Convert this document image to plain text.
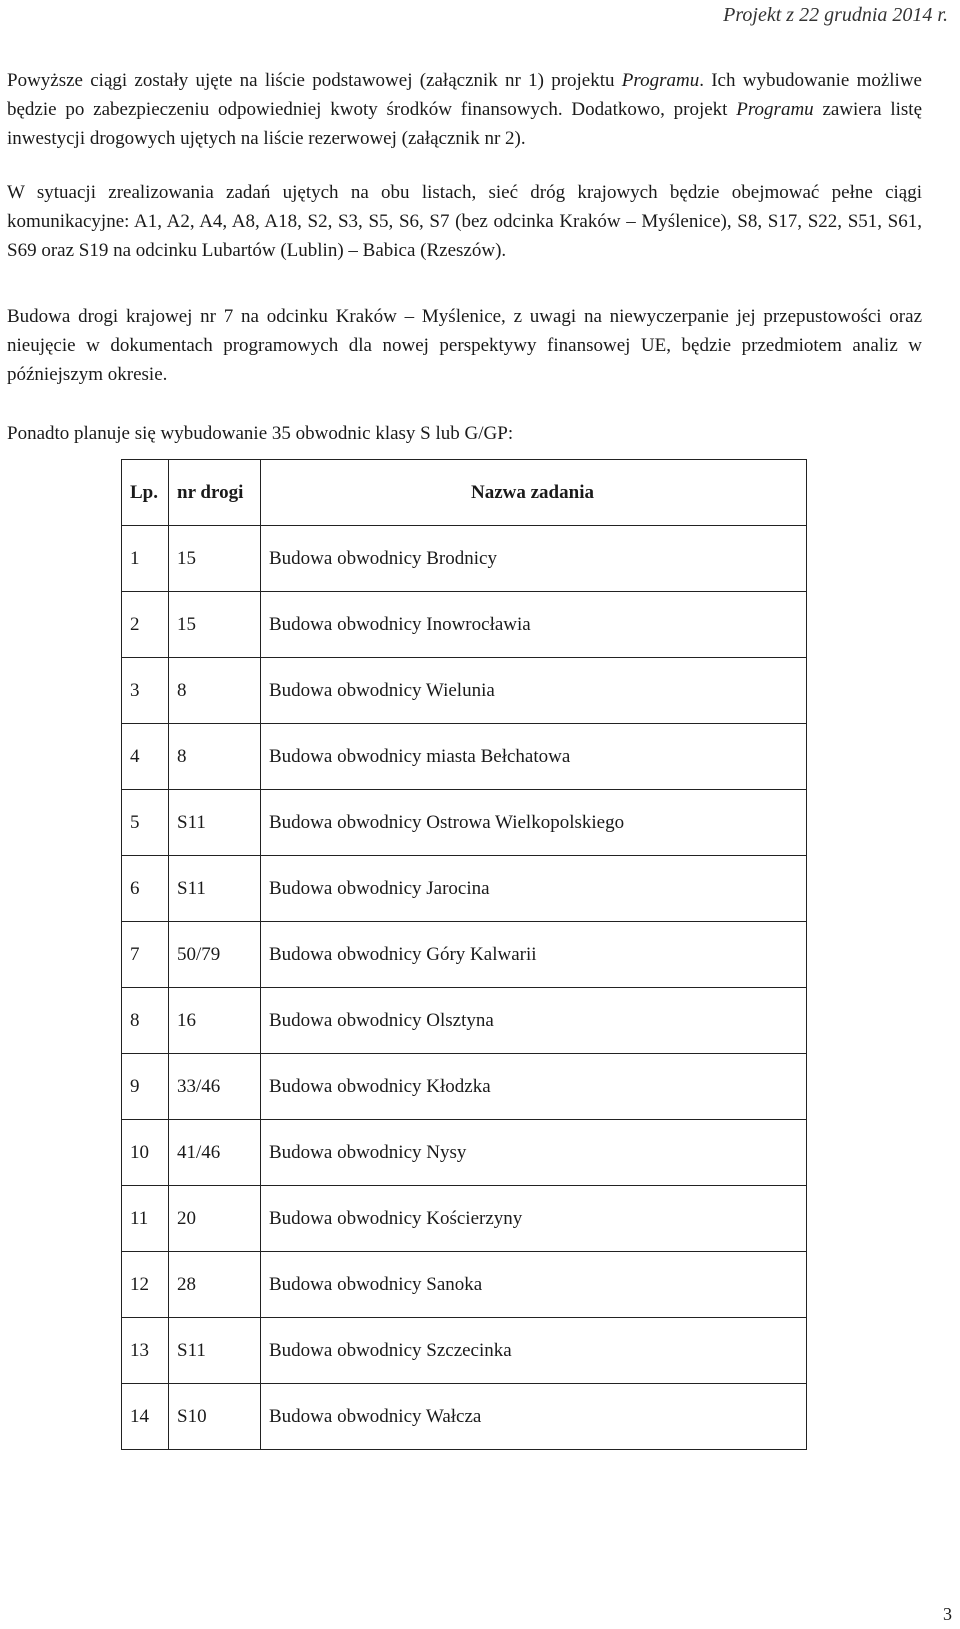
Projekt z 22 grudnia 2014 r.

Powyższe ciągi zostały ujęte na liście podstawowej (załącznik nr 1) projektu Programu. Ich wybudowanie możliwe będzie po zabezpieczeniu odpowiedniej kwoty środków finansowych. Dodatkowo, projekt Programu zawiera listę inwestycji drogowych ujętych na liście rezerwowej (załącznik nr 2).

W sytuacji zrealizowania zadań ujętych na obu listach, sieć dróg krajowych będzie obejmować pełne ciągi komunikacyjne: A1, A2, A4, A8, A18, S2, S3, S5, S6, S7 (bez odcinka Kraków – Myślenice), S8, S17, S22, S51, S61, S69 oraz S19 na odcinku Lubartów (Lublin) – Babica (Rzeszów).

Budowa drogi krajowej nr 7 na odcinku Kraków – Myślenice, z uwagi na niewyczerpanie jej przepustowości oraz nieujęcie w dokumentach programowych dla nowej perspektywy finansowej UE, będzie przedmiotem analiz w późniejszym okresie.

Ponadto planuje się wybudowanie 35 obwodnic klasy S lub G/GP:

Lp.	nr drogi	Nazwa zadania
1	15	Budowa obwodnicy Brodnicy
2	15	Budowa obwodnicy Inowrocławia
3	8	Budowa obwodnicy Wielunia
4	8	Budowa obwodnicy miasta Bełchatowa
5	S11	Budowa obwodnicy Ostrowa Wielkopolskiego
6	S11	Budowa obwodnicy Jarocina
7	50/79	Budowa obwodnicy Góry Kalwarii
8	16	Budowa obwodnicy Olsztyna
9	33/46	Budowa obwodnicy Kłodzka
10	41/46	Budowa obwodnicy Nysy
11	20	Budowa obwodnicy Kościerzyny
12	28	Budowa obwodnicy Sanoka
13	S11	Budowa obwodnicy Szczecinka
14	S10	Budowa obwodnicy Wałcza
3
